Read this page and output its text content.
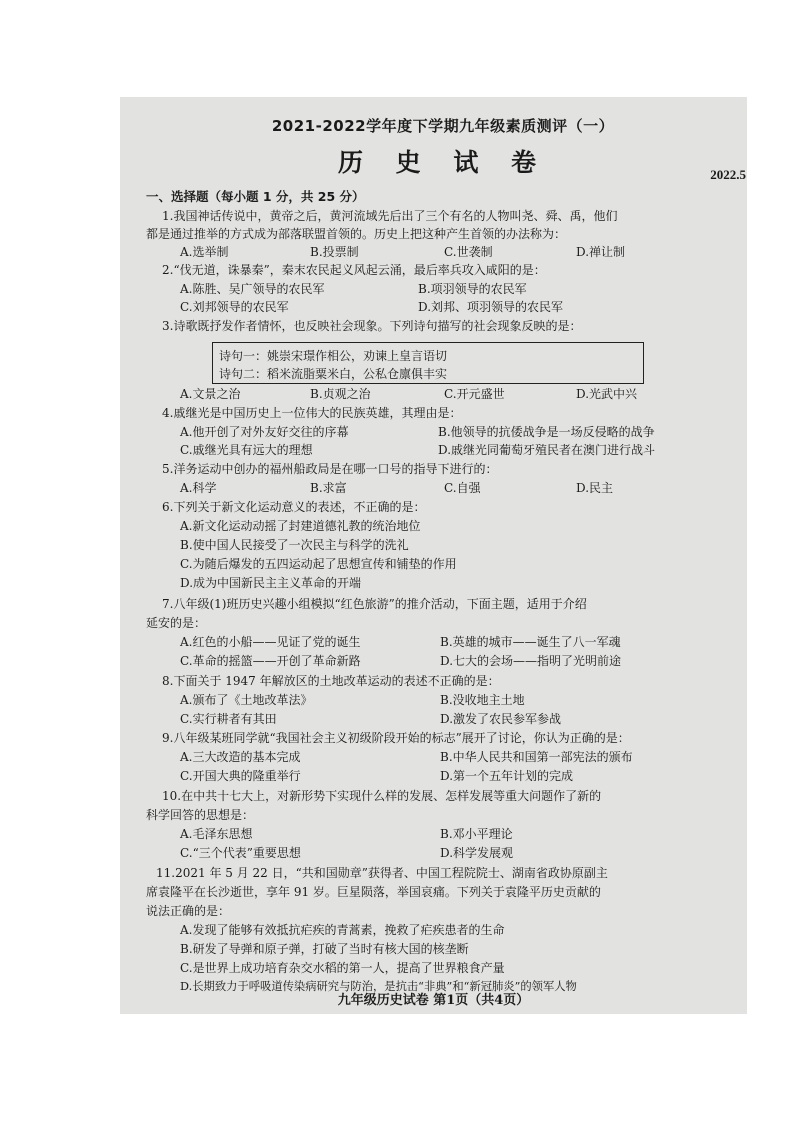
2021-2022学年度下学期九年级素质测评（一）
历 史 试 卷	2022.5
一、选择题（每小题 1 分，共 25 分）
1.我国神话传说中，黄帝之后，黄河流域先后出了三个有名的人物叫尧、舜、禹，他们
都是通过推举的方式成为部落联盟首领的。历史上把这种产生首领的办法称为：
A.选举制	B.投票制	C.世袭制	D.禅让制
2.“伐无道，诛暴秦”，秦末农民起义风起云涌，最后率兵攻入咸阳的是：
A.陈胜、吴广领导的农民军	B.项羽领导的农民军
C.刘邦领导的农民军	D.刘邦、项羽领导的农民军
3.诗歌既抒发作者情怀，也反映社会现象。下列诗句描写的社会现象反映的是：
诗句一：姚崇宋璟作相公，劝谏上皇言语切
诗句二：稻米流脂粟米白，公私仓廪俱丰实
A.文景之治	B.贞观之治	C.开元盛世	D.光武中兴
4.戚继光是中国历史上一位伟大的民族英雄，其理由是：
A.他开创了对外友好交往的序幕	B.他领导的抗倭战争是一场反侵略的战争
C.戚继光具有远大的理想	D.戚继光同葡萄牙殖民者在澳门进行战斗
5.洋务运动中创办的福州船政局是在哪一口号的指导下进行的：
A.科学	B.求富	C.自强	D.民主
6.下列关于新文化运动意义的表述，不正确的是：
A.新文化运动动摇了封建道德礼教的统治地位
B.使中国人民接受了一次民主与科学的洗礼
C.为随后爆发的五四运动起了思想宣传和铺垫的作用
D.成为中国新民主主义革命的开端
7.八年级(1)班历史兴趣小组模拟“红色旅游”的推介活动，下面主题，适用于介绍
延安的是：
A.红色的小船——见证了党的诞生	B.英雄的城市——诞生了八一军魂
C.革命的摇篮——开创了革命新路	D.七大的会场——指明了光明前途
8.下面关于 1947 年解放区的土地改革运动的表述不正确的是：
A.颁布了《土地改革法》	B.没收地主土地
C.实行耕者有其田	D.激发了农民参军参战
9.八年级某班同学就“我国社会主义初级阶段开始的标志”展开了讨论，你认为正确的是：
A.三大改造的基本完成	B.中华人民共和国第一部宪法的颁布
C.开国大典的隆重举行	D.第一个五年计划的完成
10.在中共十七大上，对新形势下实现什么样的发展、怎样发展等重大问题作了新的
科学回答的思想是：
A.毛泽东思想	B.邓小平理论
C.“三个代表”重要思想	D.科学发展观
11.2021 年 5 月 22 日，“共和国勋章”获得者、中国工程院院士、湖南省政协原副主
席袁隆平在长沙逝世，享年 91 岁。巨星陨落，举国哀痛。下列关于袁隆平历史贡献的
说法正确的是：
A.发现了能够有效抵抗疟疾的青蒿素，挽救了疟疾患者的生命
B.研发了导弹和原子弹，打破了当时有核大国的核垄断
C.是世界上成功培育杂交水稻的第一人，提高了世界粮食产量
D.长期致力于呼吸道传染病研究与防治，是抗击“非典”和“新冠肺炎”的领军人物
九年级历史试卷 第1页（共4页）
